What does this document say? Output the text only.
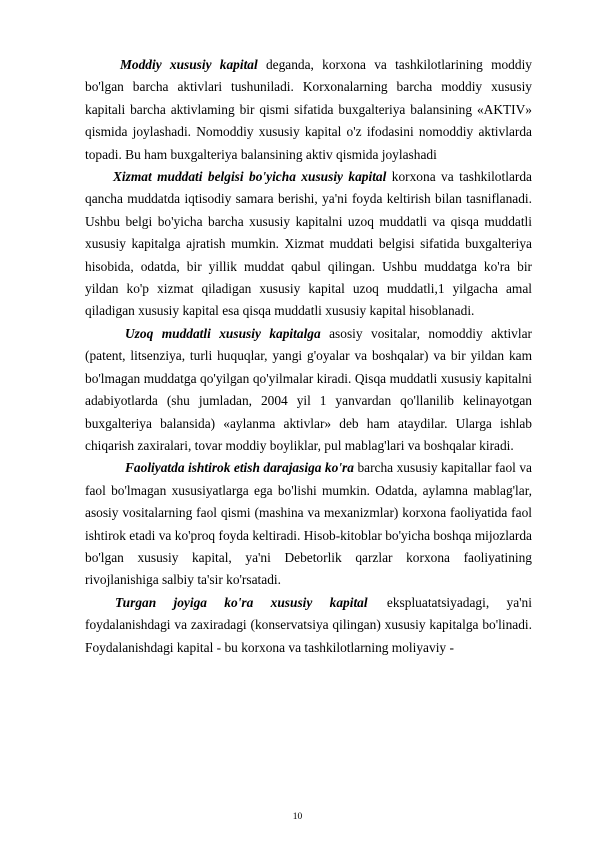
Moddiy xususiy kapital deganda, korxona va tashkilotlarining moddiy bo'lgan barcha aktivlari tushuniladi. Korxonalarning barcha moddiy xususiy kapitali barcha aktivlaming bir qismi sifatida buxgalteriya balansining «AKTIV» qismida joylashadi. Nomoddiy xususiy kapital o'z ifodasini nomoddiy aktivlarda topadi. Bu ham buxgalteriya balansining aktiv qismida joylashadi

Xizmat muddati belgisi bo'yicha xususiy kapital korxona va tashkilotlarda qancha muddatda iqtisodiy samara berishi, ya'ni foyda keltirish bilan tasniflanadi. Ushbu belgi bo'yicha barcha xususiy kapitalni uzoq muddatli va qisqa muddatli xususiy kapitalga ajratish mumkin. Xizmat muddati belgisi sifatida buxgalteriya hisobida, odatda, bir yillik muddat qabul qilingan. Ushbu muddatga ko'ra bir yildan ko'p xizmat qiladigan xususiy kapital uzoq muddatli,1 yilgacha amal qiladigan xususiy kapital esa qisqa muddatli xususiy kapital hisoblanadi.

Uzoq muddatli xususiy kapitalga asosiy vositalar, nomoddiy aktivlar (patent, litsenziya, turli huquqlar, yangi g'oyalar va boshqalar) va bir yildan kam bo'lmagan muddatga qo'yilgan qo'yilmalar kiradi. Qisqa muddatli xususiy kapitalni adabiyotlarda (shu jumladan, 2004 yil 1 yanvardan qo'llanilib kelinayotgan buxgalteriya balansida) «aylanma aktivlar» deb ham ataydilar. Ularga ishlab chiqarish zaxiralari, tovar moddiy boyliklar, pul mablag'lari va boshqalar kiradi.

Faoliyatda ishtirok etish darajasiga ko'ra barcha xususiy kapitallar faol va faol bo'lmagan xususiyatlarga ega bo'lishi mumkin. Odatda, aylamna mablag'lar, asosiy vositalarning faol qismi (mashina va mexanizmlar) korxona faoliyatida faol ishtirok etadi va ko'proq foyda keltiradi. Hisob-kitoblar bo'yicha boshqa mijozlarda bo'lgan xususiy kapital, ya'ni Debetorlik qarzlar korxona faoliyatining rivojlanishiga salbiy ta'sir ko'rsatadi.

Turgan joyiga ko'ra xususiy kapital ekspluatatsiyadagi, ya'ni foydalanishdagi va zaxiradagi (konservatsiya qilingan) xususiy kapitalga bo'linadi. Foydalanishdagi kapital - bu korxona va tashkilotlarning moliyaviy -

10
